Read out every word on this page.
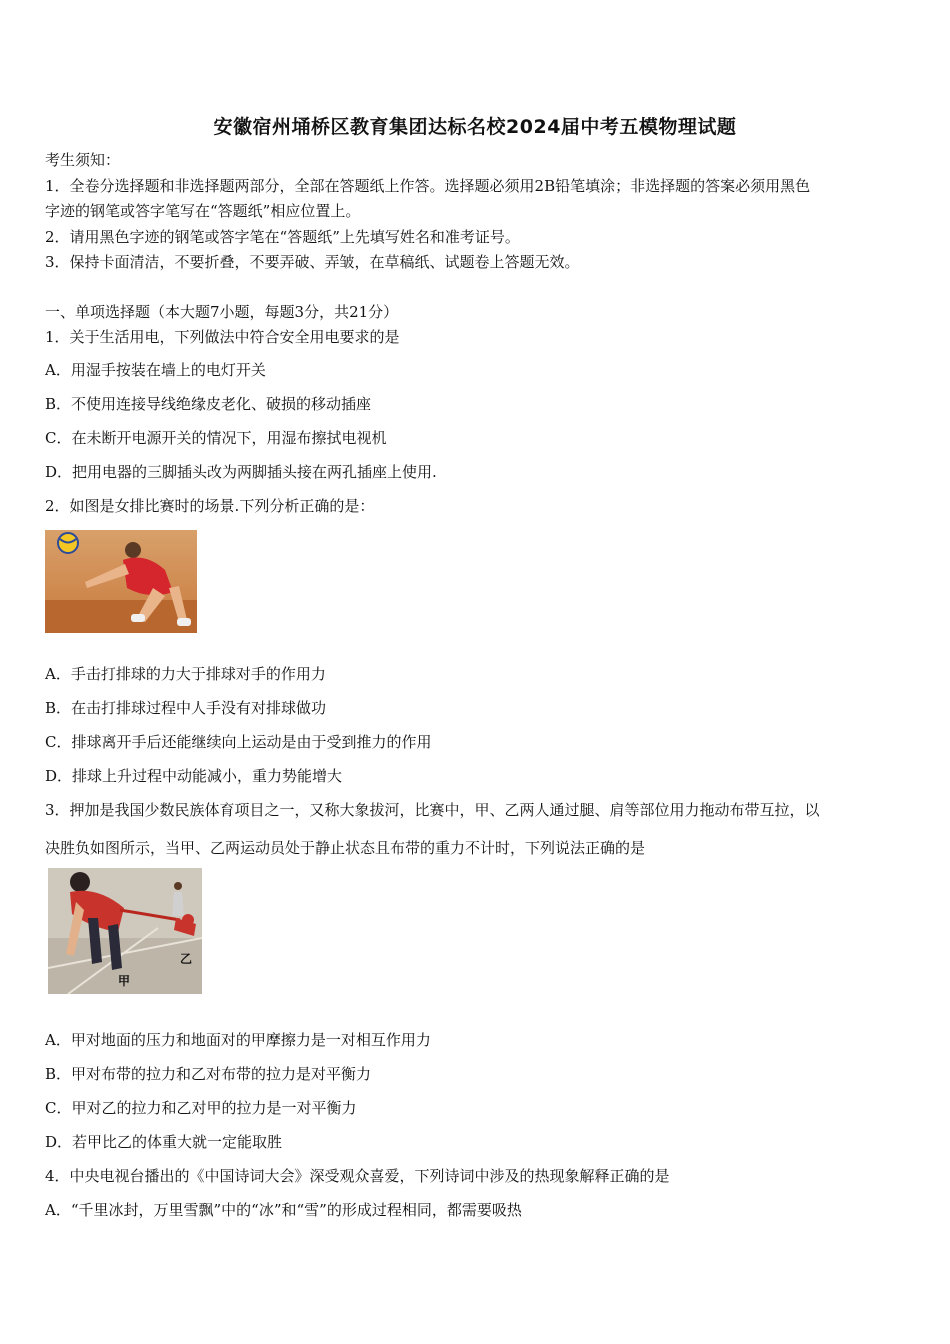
安徽宿州埇桥区教育集团达标名校2024届中考五模物理试题
考生须知：
1．全卷分选择题和非选择题两部分，全部在答题纸上作答。选择题必须用2B铅笔填涂；非选择题的答案必须用黑色
字迹的钢笔或答字笔写在“答题纸”相应位置上。
2．请用黑色字迹的钢笔或答字笔在“答题纸”上先填写姓名和准考证号。
3．保持卡面清洁，不要折叠，不要弄破、弄皱，在草稿纸、试题卷上答题无效。
一、单项选择题（本大题7小题，每题3分，共21分）
1．关于生活用电，下列做法中符合安全用电要求的是
A．用湿手按装在墙上的电灯开关
B．不使用连接导线绝缘皮老化、破损的移动插座
C．在未断开电源开关的情况下，用湿布擦拭电视机
D．把用电器的三脚插头改为两脚插头接在两孔插座上使用.
2．如图是女排比赛时的场景.下列分析正确的是：
A．手击打排球的力大于排球对手的作用力
B．在击打排球过程中人手没有对排球做功
C．排球离开手后还能继续向上运动是由于受到推力的作用
D．排球上升过程中动能减小，重力势能增大
3．押加是我国少数民族体育项目之一，又称大象拔河，比赛中，甲、乙两人通过腿、肩等部位用力拖动布带互拉，以
决胜负如图所示，当甲、乙两运动员处于静止状态且布带的重力不计时，下列说法正确的是
甲
乙
A．甲对地面的压力和地面对的甲摩擦力是一对相互作用力
B．甲对布带的拉力和乙对布带的拉力是对平衡力
C．甲对乙的拉力和乙对甲的拉力是一对平衡力
D．若甲比乙的体重大就一定能取胜
4．中央电视台播出的《中国诗词大会》深受观众喜爱，下列诗词中涉及的热现象解释正确的是
A．“千里冰封，万里雪飘”中的“冰”和“雪”的形成过程相同，都需要吸热
